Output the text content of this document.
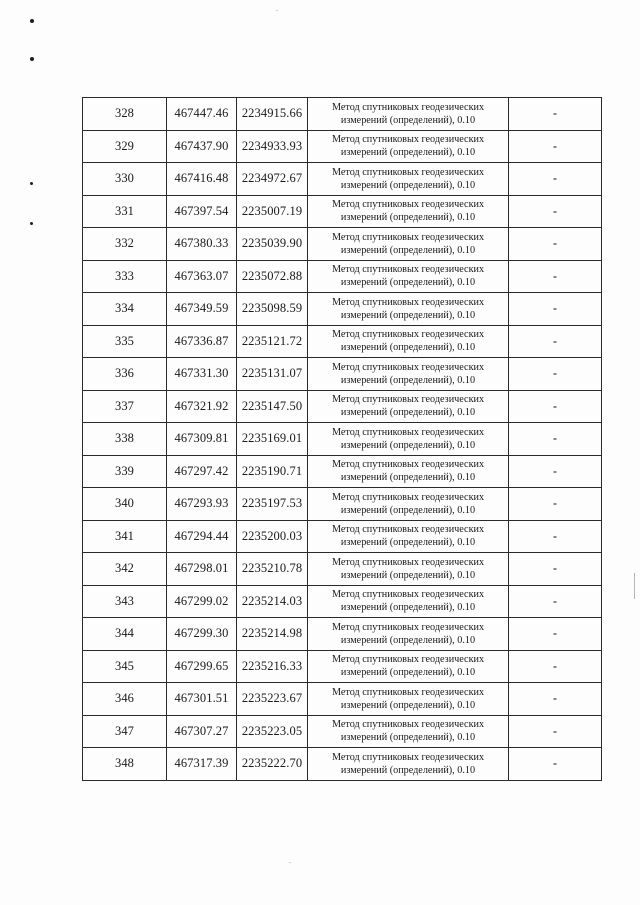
328	467447.46	2234915.66	Метод спутниковых геодезических
измерений (определений), 0.10	-
329	467437.90	2234933.93	Метод спутниковых геодезических
измерений (определений), 0.10	-
330	467416.48	2234972.67	Метод спутниковых геодезических
измерений (определений), 0.10	-
331	467397.54	2235007.19	Метод спутниковых геодезических
измерений (определений), 0.10	-
332	467380.33	2235039.90	Метод спутниковых геодезических
измерений (определений), 0.10	-
333	467363.07	2235072.88	Метод спутниковых геодезических
измерений (определений), 0.10	-
334	467349.59	2235098.59	Метод спутниковых геодезических
измерений (определений), 0.10	-
335	467336.87	2235121.72	Метод спутниковых геодезических
измерений (определений), 0.10	-
336	467331.30	2235131.07	Метод спутниковых геодезических
измерений (определений), 0.10	-
337	467321.92	2235147.50	Метод спутниковых геодезических
измерений (определений), 0.10	-
338	467309.81	2235169.01	Метод спутниковых геодезических
измерений (определений), 0.10	-
339	467297.42	2235190.71	Метод спутниковых геодезических
измерений (определений), 0.10	-
340	467293.93	2235197.53	Метод спутниковых геодезических
измерений (определений), 0.10	-
341	467294.44	2235200.03	Метод спутниковых геодезических
измерений (определений), 0.10	-
342	467298.01	2235210.78	Метод спутниковых геодезических
измерений (определений), 0.10	-
343	467299.02	2235214.03	Метод спутниковых геодезических
измерений (определений), 0.10	-
344	467299.30	2235214.98	Метод спутниковых геодезических
измерений (определений), 0.10	-
345	467299.65	2235216.33	Метод спутниковых геодезических
измерений (определений), 0.10	-
346	467301.51	2235223.67	Метод спутниковых геодезических
измерений (определений), 0.10	-
347	467307.27	2235223.05	Метод спутниковых геодезических
измерений (определений), 0.10	-
348	467317.39	2235222.70	Метод спутниковых геодезических
измерений (определений), 0.10	-
